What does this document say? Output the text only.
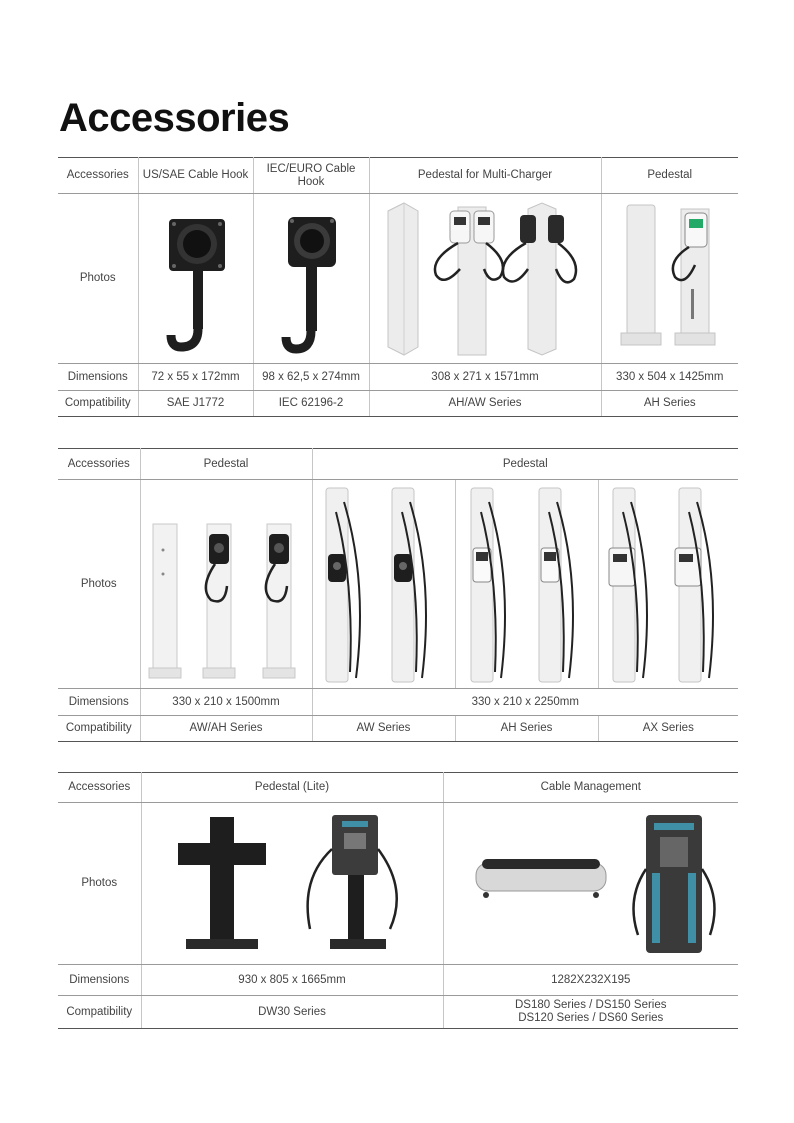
Accessories
Accessories	US/SAE Cable Hook	IEC/EURO Cable Hook	Pedestal for Multi-Charger	Pedestal
Photos	

Dimensions	72 x 55 x 172mm	98 x 62,5 x 274mm	308 x 271 x 1571mm	330 x 504 x 1425mm
Compatibility	SAE J1772	IEC 62196-2	AH/AW Series	AH Series
Accessories	Pedestal	Pedestal		
Photos	

Dimensions	330 x 210 x 1500mm	330 x 210 x 2250mm		
Compatibility	AW/AH Series	AW Series	AH Series	AX Series
Accessories	Pedestal (Lite)	Cable Management
Photos	

Dimensions	930 x 805 x 1665mm	1282X232X195
Compatibility	DW30 Series	DS180 Series / DS150 Series
DS120 Series / DS60 Series
